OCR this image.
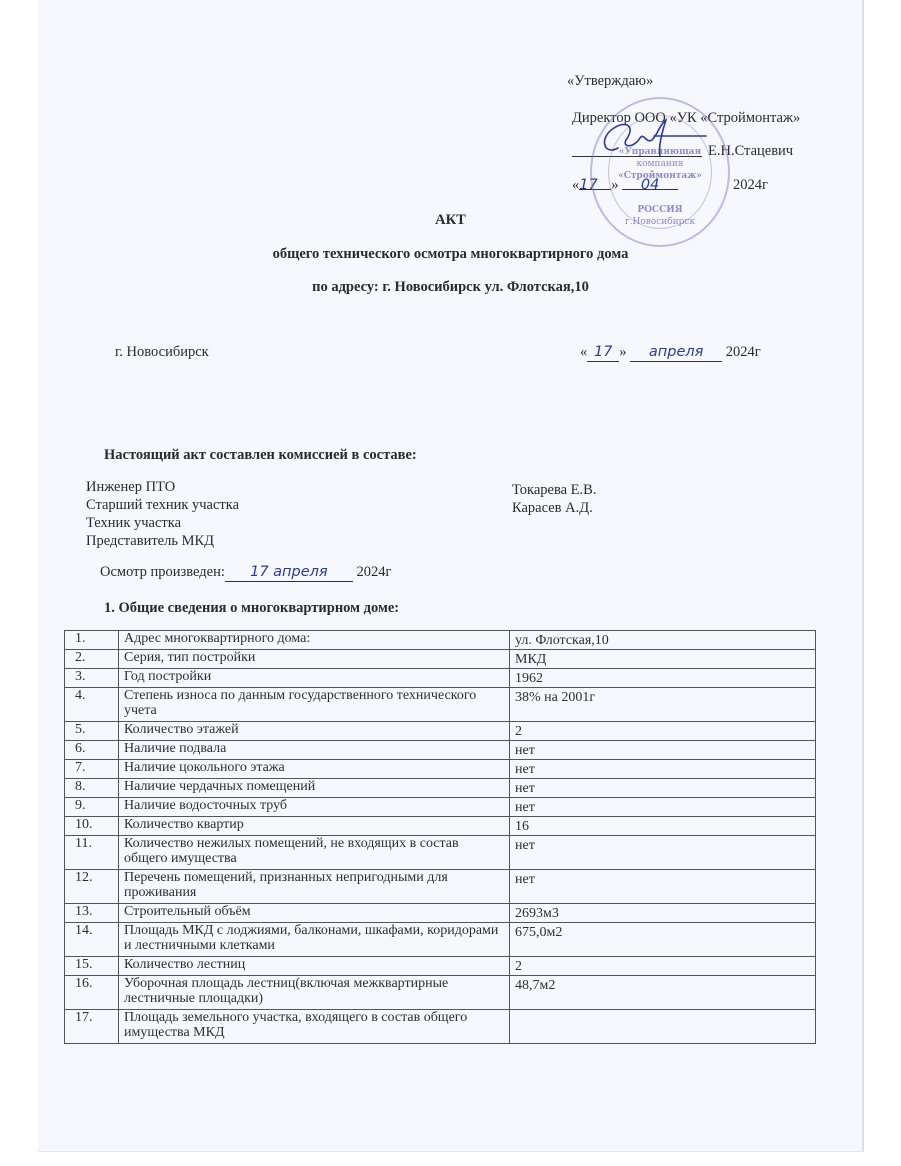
«Утверждаю»
Директор ООО «УК «Строймонтаж»
Е.Н.Стацевич
«17 » 04	2024г
«Управляющая
компания
«Строймонтаж»
РОССИЯ
г.Новосибирск
АКТ
общего технического осмотра многоквартирного дома
по адресу: г. Новосибирск ул. Флотская,10
г. Новосибирск	« 17 » апреля 2024г
Настоящий акт составлен комиссией в составе:
Инженер ПТО
Старший техник участка
Техник участка
Представитель МКД
Токарева Е.В.
Карасев А.Д.
Осмотр произведен: 17 апреля 2024г
1. Общие сведения о многоквартирном доме:
1.	Адрес многоквартирного дома:	ул. Флотская,10
2.	Серия, тип постройки	МКД
3.	Год постройки	1962
4.	Степень износа по данным государственного технического учета	38% на 2001г
5.	Количество этажей	2
6.	Наличие подвала	нет
7.	Наличие цокольного этажа	нет
8.	Наличие чердачных помещений	нет
9.	Наличие водосточных труб	нет
10.	Количество квартир	16
11.	Количество нежилых помещений, не входящих в состав общего имущества	нет
12.	Перечень помещений, признанных непригодными для проживания	нет
13.	Строительный объём	2693м3
14.	Площадь МКД с лоджиями, балконами, шкафами, коридорами и лестничными клетками	675,0м2
15.	Количество лестниц	2
16.	Уборочная площадь лестниц(включая межквартирные лестничные площадки)	48,7м2
17.	Площадь земельного участка, входящего в состав общего имущества МКД	
